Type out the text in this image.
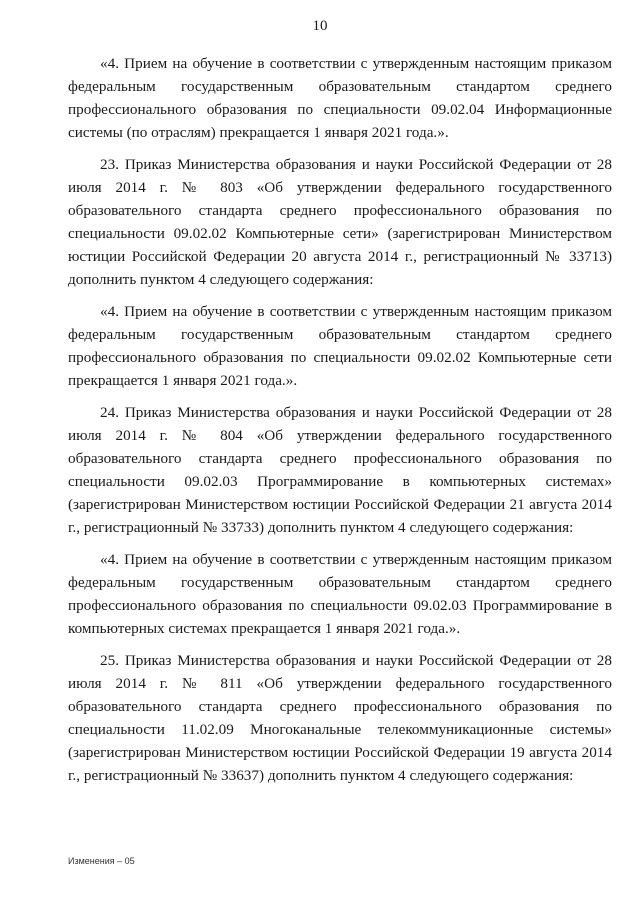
10

«4. Прием на обучение в соответствии с утвержденным настоящим приказом федеральным государственным образовательным стандартом среднего профессионального образования по специальности 09.02.04 Информационные системы (по отраслям) прекращается 1 января 2021 года.».

23. Приказ Министерства образования и науки Российской Федерации от 28 июля 2014 г. № 803 «Об утверждении федерального государственного образовательного стандарта среднего профессионального образования по специальности 09.02.02 Компьютерные сети» (зарегистрирован Министерством юстиции Российской Федерации 20 августа 2014 г., регистрационный № 33713) дополнить пунктом 4 следующего содержания:

«4. Прием на обучение в соответствии с утвержденным настоящим приказом федеральным государственным образовательным стандартом среднего профессионального образования по специальности 09.02.02 Компьютерные сети прекращается 1 января 2021 года.».

24. Приказ Министерства образования и науки Российской Федерации от 28 июля 2014 г. № 804 «Об утверждении федерального государственного образовательного стандарта среднего профессионального образования по специальности 09.02.03 Программирование в компьютерных системах» (зарегистрирован Министерством юстиции Российской Федерации 21 августа 2014 г., регистрационный № 33733) дополнить пунктом 4 следующего содержания:

«4. Прием на обучение в соответствии с утвержденным настоящим приказом федеральным государственным образовательным стандартом среднего профессионального образования по специальности 09.02.03 Программирование в компьютерных системах прекращается 1 января 2021 года.».

25. Приказ Министерства образования и науки Российской Федерации от 28 июля 2014 г. № 811 «Об утверждении федерального государственного образовательного стандарта среднего профессионального образования по специальности 11.02.09 Многоканальные телекоммуникационные системы» (зарегистрирован Министерством юстиции Российской Федерации 19 августа 2014 г., регистрационный № 33637) дополнить пунктом 4 следующего содержания:

Изменения – 05
